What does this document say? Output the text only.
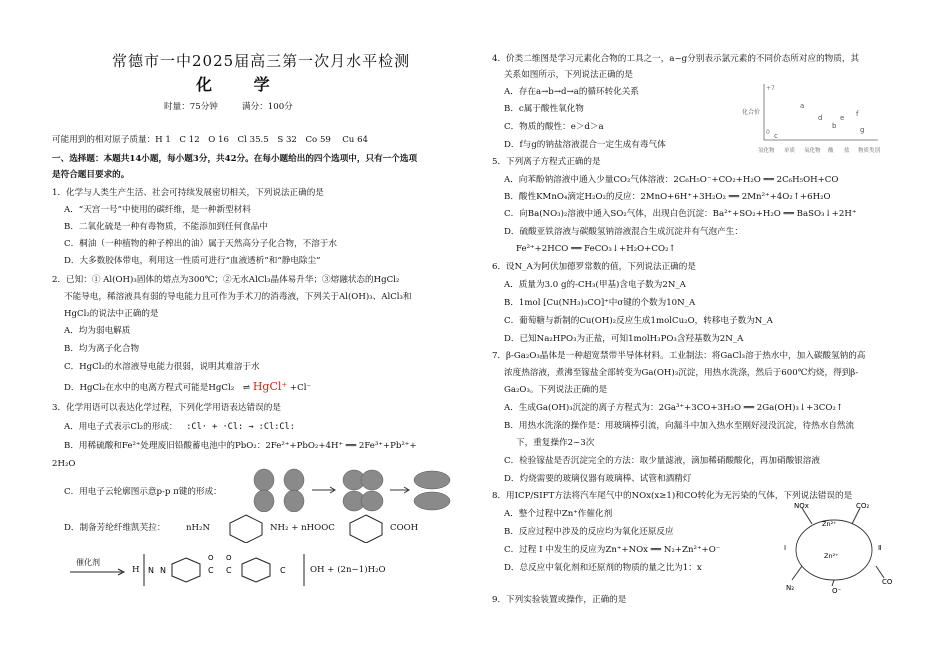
常德市一中2025届高三第一次月水平检测
化 学
时量：75分钟	满分：100分
可能用到的相对原子质量：H 1　C 12　O 16　Cl 35.5　S 32　Co 59　 Cu 64
一、选择题：本题共14小题，每小题3分，共42分。在每小题给出的四个选项中，只有一个选项
是符合题目要求的。
1．化学与人类生产生活、社会可持续发展密切相关，下列说法正确的是
A．“天宫一号”中使用的碳纤维，是一种新型材料
B．二氧化硫是一种有毒物质，不能添加到任何食品中
C．桐油（一种植物的种子榨出的油）属于天然高分子化合物，不溶于水
D．大多数胶体带电，利用这一性质可进行“血液透析”和“静电除尘”
2．已知：① Al(OH)₃固体的熔点为300℃；②无水AlCl₃晶体易升华；③熔融状态的HgCl₂
不能导电，稀溶液具有弱的导电能力且可作为手术刀的消毒液，下列关于Al(OH)₃、AlCl₃和
HgCl₂的说法中正确的是
A．均为弱电解质
B．均为离子化合物
C．HgCl₂的水溶液导电能力很弱，说明其难溶于水
D．HgCl₂在水中的电离方程式可能是HgCl₂ ⇌ HgCl⁺ +Cl⁻
3．化学用语可以表达化学过程，下列化学用语表达错误的是
A．用电子式表示Cl₂的形成： :Cl· + ·Cl: → :Cl:Cl:
B．用稀硫酸和Fe²⁺处理废旧铅酸蓄电池中的PbO₂：2Fe²⁺+PbO₂+4H⁺ ══ 2Fe³⁺+Pb²⁺+
2H₂O
C．用电子云轮廓图示意p-p π键的形成：
D．制备芳纶纤维凯芙拉： nH₂N	NH₂ + nHOOC	COOH
催化剂
H N N	C C	C
O O
OH + (2n−1)H₂O
4．价类二维图是学习元素化合物的工具之一，a~g分别表示氯元素的不同价态所对应的物质，其
关系如图所示，下列说法正确的是
A．存在a→b→d→a的循环转化关系
B．c属于酸性氧化物
C．物质的酸性：e＞d＞a
D．f与g的钠盐溶液混合一定生成有毒气体
化合价
+7
0
a
b
c
d	e f
g
氢化物 单质 氧化物 酸 盐 物质类别
5．下列离子方程式正确的是
A．向苯酚钠溶液中通入少量CO₂气体溶液：2C₆H₅O⁻+CO₂+H₂O ══ 2C₆H₅OH+CO
B．酸性KMnO₄滴定H₂O₂的反应：2MnO+6H⁺+3H₂O₂ ══ 2Mn²⁺+4O₂↑+6H₂O
C．向Ba(NO₃)₂溶液中通入SO₂气体，出现白色沉淀：Ba²⁺+SO₂+H₂O ══ BaSO₃↓+2H⁺
D．硫酸亚铁溶液与碳酸氢钠溶液混合生成沉淀并有气泡产生：
Fe²⁺+2HCO ══ FeCO₃↓+H₂O+CO₂↑
6．设N_A为阿伏加德罗常数的值，下列说法正确的是
A．质量为3.0 g的-CH₃(甲基)含电子数为2N_A
B．1mol [Cu(NH₃)₃CO]⁺中σ键的个数为10N_A
C．葡萄糖与新制的Cu(OH)₂反应生成1molCu₂O，转移电子数为N_A
D．已知Na₂HPO₃为正盐，可知1molH₃PO₃含羟基数为2N_A
7．β-Ga₂O₃晶体是一种超宽禁带半导体材料。工业制法：将GaCl₃溶于热水中，加入碳酸氢钠的高
浓度热溶液，煮沸至镓盐全部转变为Ga(OH)₃沉淀，用热水洗涤，然后于600℃灼烧，得到β-
Ga₂O₃。下列说法正确的是
A．生成Ga(OH)₃沉淀的离子方程式为：2Ga³⁺+3CO+3H₂O ══ 2Ga(OH)₃↓+3CO₂↑
B．用热水洗涤的操作是：用玻璃棒引流，向漏斗中加入热水至刚好浸没沉淀，待热水自然流
下，重复操作2~3次
C．检验镓盐是否沉淀完全的方法：取少量滤液，滴加稀硝酸酸化，再加硝酸银溶液
D．灼烧需要的玻璃仪器有玻璃棒、试管和酒精灯
8．用ICP/SIFT方法将汽车尾气中的NOx(x≥1)和CO转化为无污染的气体，下列说法错误的是
A．整个过程中Zn⁺作催化剂
B．反应过程中涉及的反应均为氧化还原反应
C．过程 Ⅰ 中发生的反应为Zn⁺+NOx ══ N₂+Zn²⁺+O⁻
D．总反应中氧化剂和还原剂的物质的量之比为1：x
NOx	CO₂
Zn²⁺
Zn²⁺
CO
N₂	O⁻
Ⅰ	Ⅱ
9．下列实验装置或操作，正确的是
